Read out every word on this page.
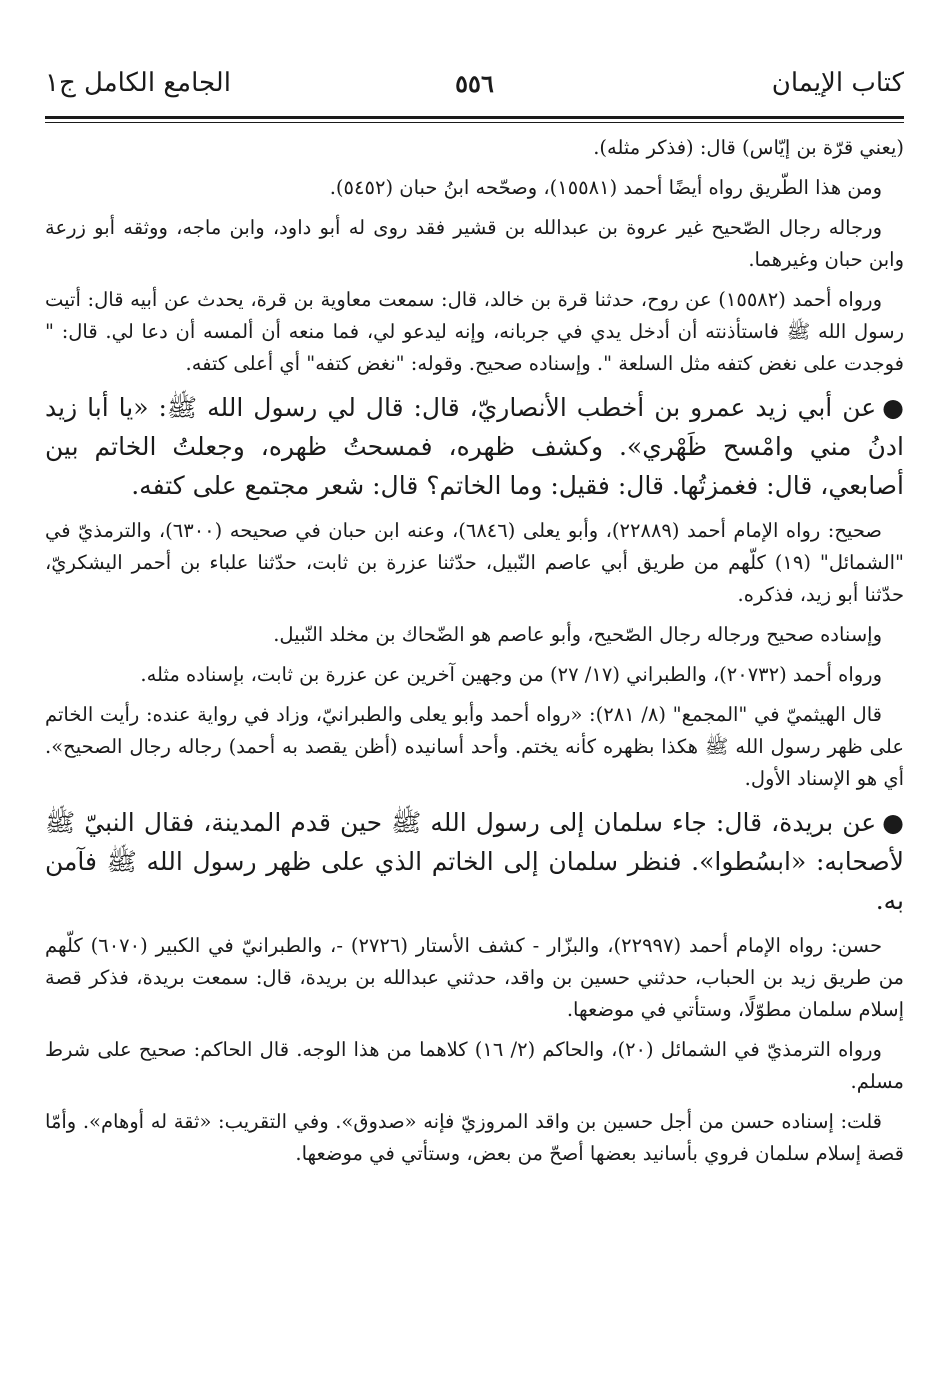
كتاب الإيمان
٥٥٦
الجامع الكامل ج١

(يعني قرّة بن إيّاس) قال: (فذكر مثله).

ومن هذا الطّريق رواه أيضًا أحمد (١٥٥٨١)، وصحّحه ابنُ حبان (٥٤٥٢).

ورجاله رجال الصّحيح غير عروة بن عبدالله بن قشير فقد روى له أبو داود، وابن ماجه، ووثقه أبو زرعة وابن حبان وغيرهما.

ورواه أحمد (١٥٥٨٢) عن روح، حدثنا قرة بن خالد، قال: سمعت معاوية بن قرة، يحدث عن أبيه قال: أتيت رسول الله ﷺ فاستأذنته أن أدخل يدي في جربانه، وإنه ليدعو لي، فما منعه أن ألمسه أن دعا لي. قال: " فوجدت على نغض كتفه مثل السلعة ". وإسناده صحيح. وقوله: "نغض كتفه" أي أعلى كتفه.

●عن أبي زيد عمرو بن أخطب الأنصاريّ، قال: قال لي رسول الله ﷺ: «يا أبا زيد ادنُ مني وامْسح ظَهْري». وكشف ظهره، فمسحتُ ظهره، وجعلتُ الخاتم بين أصابعي، قال: فغمزتُها. قال: فقيل: وما الخاتم؟ قال: شعر مجتمع على كتفه.

صحيح: رواه الإمام أحمد (٢٢٨٨٩)، وأبو يعلى (٦٨٤٦)، وعنه ابن حبان في صحيحه (٦٣٠٠)، والترمذيّ في "الشمائل" (١٩) كلّهم من طريق أبي عاصم النّبيل، حدّثنا عزرة بن ثابت، حدّثنا علباء بن أحمر اليشكريّ، حدّثنا أبو زيد، فذكره.

وإسناده صحيح ورجاله رجال الصّحيح، وأبو عاصم هو الضّحاك بن مخلد النّبيل.

ورواه أحمد (٢٠٧٣٢)، والطبراني (١٧/ ٢٧) من وجهين آخرين عن عزرة بن ثابت، بإسناده مثله.

قال الهيثميّ في "المجمع" (٨/ ٢٨١): «رواه أحمد وأبو يعلى والطبرانيّ، وزاد في رواية عنده: رأيت الخاتم على ظهر رسول الله ﷺ هكذا بظهره كأنه يختم. وأحد أسانيده (أظن يقصد به أحمد) رجاله رجال الصحيح». أي هو الإسناد الأول.

●عن بريدة، قال: جاء سلمان إلى رسول الله ﷺ حين قدم المدينة، فقال النبيّ ﷺ لأصحابه: «ابسُطوا». فنظر سلمان إلى الخاتم الذي على ظهر رسول الله ﷺ فآمن به.

حسن: رواه الإمام أحمد (٢٢٩٩٧)، والبزّار - كشف الأستار (٢٧٢٦) -، والطبرانيّ في الكبير (٦٠٧٠) كلّهم من طريق زيد بن الحباب، حدثني حسين بن واقد، حدثني عبدالله بن بريدة، قال: سمعت بريدة، فذكر قصة إسلام سلمان مطوّلًا، وستأتي في موضعها.

ورواه الترمذيّ في الشمائل (٢٠)، والحاكم (٢/ ١٦) كلاهما من هذا الوجه. قال الحاكم: صحيح على شرط مسلم.

قلت: إسناده حسن من أجل حسين بن واقد المروزيّ فإنه «صدوق». وفي التقريب: «ثقة له أوهام». وأمّا قصة إسلام سلمان فروي بأسانيد بعضها أصحّ من بعض، وستأتي في موضعها.
